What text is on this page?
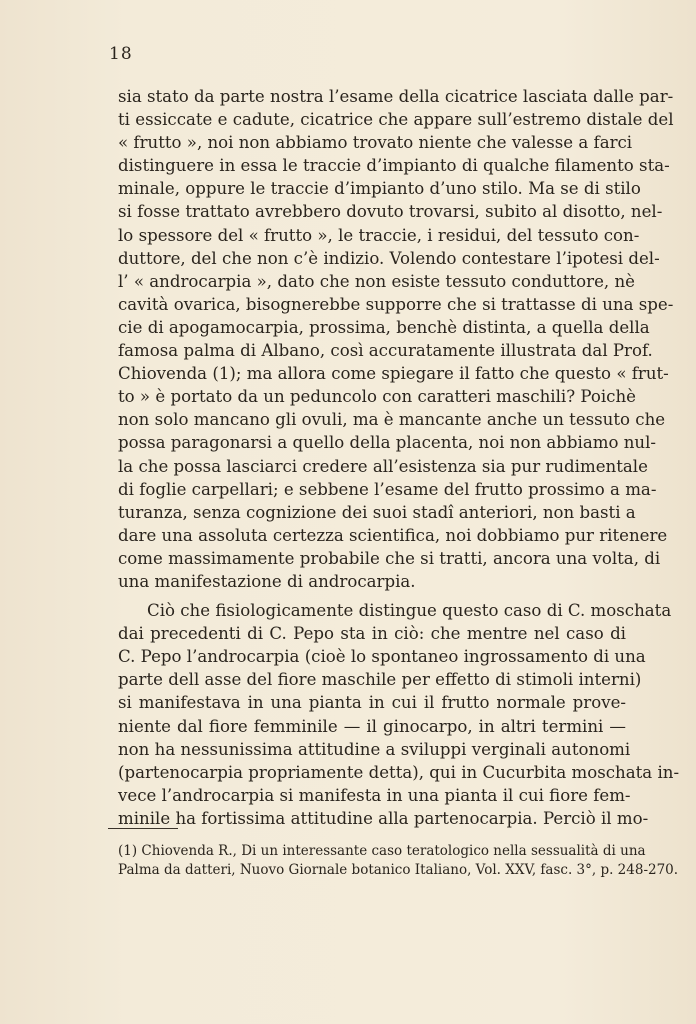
18
sia stato da parte nostra l’esame della cicatrice lasciata dalle par-
ti essiccate e cadute, cicatrice che appare sull’estremo distale del
« frutto », noi non abbiamo trovato niente che valesse a farci
distinguere in essa le traccie d’impianto di qualche filamento sta-
minale, oppure le traccie d’impianto d’uno stilo. Ma se di stilo
si fosse trattato avrebbero dovuto trovarsi, subito al disotto, nel-
lo spessore del « frutto », le traccie, i residui, del tessuto con-
duttore, del che non c’è indizio. Volendo contestare l’ipotesi del-
l’ « androcarpia », dato che non esiste tessuto conduttore, nè
cavità ovarica, bisognerebbe supporre che si trattasse di una spe-
cie di apogamocarpia, prossima, benchè distinta, a quella della
famosa palma di Albano, così accuratamente illustrata dal Prof.
Chiovenda (1); ma allora come spiegare il fatto che questo « frut-
to » è portato da un peduncolo con caratteri maschili? Poichè
non solo mancano gli ovuli, ma è mancante anche un tessuto che
possa paragonarsi a quello della placenta, noi non abbiamo nul-
la che possa lasciarci credere all’esistenza sia pur rudimentale
di foglie carpellari; e sebbene l’esame del frutto prossimo a ma-
turanza, senza cognizione dei suoi stadî anteriori, non basti a
dare una assoluta certezza scientifica, noi dobbiamo pur ritenere
come massimamente probabile che si tratti, ancora una volta, di
una manifestazione di androcarpia.
Ciò che fisiologicamente distingue questo caso di C. moschata
dai precedenti di C. Pepo sta in ciò: che mentre nel caso di
C. Pepo l’androcarpia (cioè lo spontaneo ingrossamento di una
parte dell asse del fiore maschile per effetto di stimoli interni)
si manifestava in una pianta in cui il frutto normale prove-
niente dal fiore femminile — il ginocarpo, in altri termini —
non ha nessunissima attitudine a sviluppi verginali autonomi
(partenocarpia propriamente detta), qui in Cucurbita moschata in-
vece l’androcarpia si manifesta in una pianta il cui fiore fem-
minile ha fortissima attitudine alla partenocarpia. Perciò il mo-
(1) Chiovenda R., Di un interessante caso teratologico nella sessualità di una
Palma da datteri, Nuovo Giornale botanico Italiano, Vol. XXV, fasc. 3°, p. 248-270.
